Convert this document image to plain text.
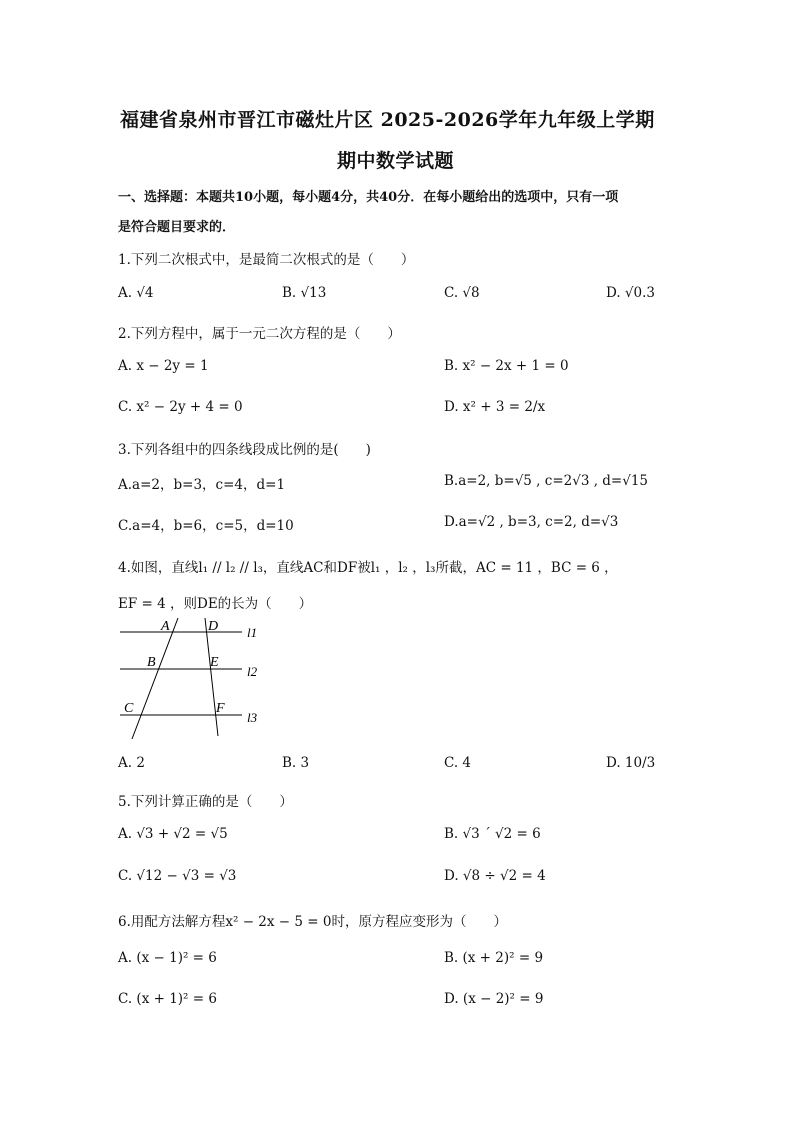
福建省泉州市晋江市磁灶片区 2025-2026学年九年级上学期
期中数学试题
一、选择题：本题共10小题，每小题4分，共40分．在每小题给出的选项中，只有一项
是符合题目要求的．
1.下列二次根式中，是最简二次根式的是（　　）
A. √4	B. √13	C. √8	D. √0.3
2.下列方程中，属于一元二次方程的是（　　）
A. x − 2y = 1	B. x² − 2x + 1 = 0
C. x² − 2y + 4 = 0	D. x² + 3 = 2/x
3.下列各组中的四条线段成比例的是(　　)
A.a=2，b=3，c=4，d=1	B.a=2, b=√5 , c=2√3 , d=√15
C.a=4，b=6，c=5，d=10	D.a=√2 , b=3, c=2, d=√3
4.如图，直线l₁ // l₂ // l₃，直线AC和DF被l₁ ，l₂ ，l₃所截，AC = 11 ，BC = 6 ，
EF = 4 ，则DE的长为（　　）
A	D
B	E
C	F
l1
l2
l3
A. 2	B. 3	C. 4	D. 10/3
5.下列计算正确的是（　　）
A. √3 + √2 = √5	B. √3 ´ √2 = 6
C. √12 − √3 = √3	D. √8 ÷ √2 = 4
6.用配方法解方程x² − 2x − 5 = 0时，原方程应变形为（　　）
A. (x − 1)² = 6	B. (x + 2)² = 9
C. (x + 1)² = 6	D. (x − 2)² = 9
